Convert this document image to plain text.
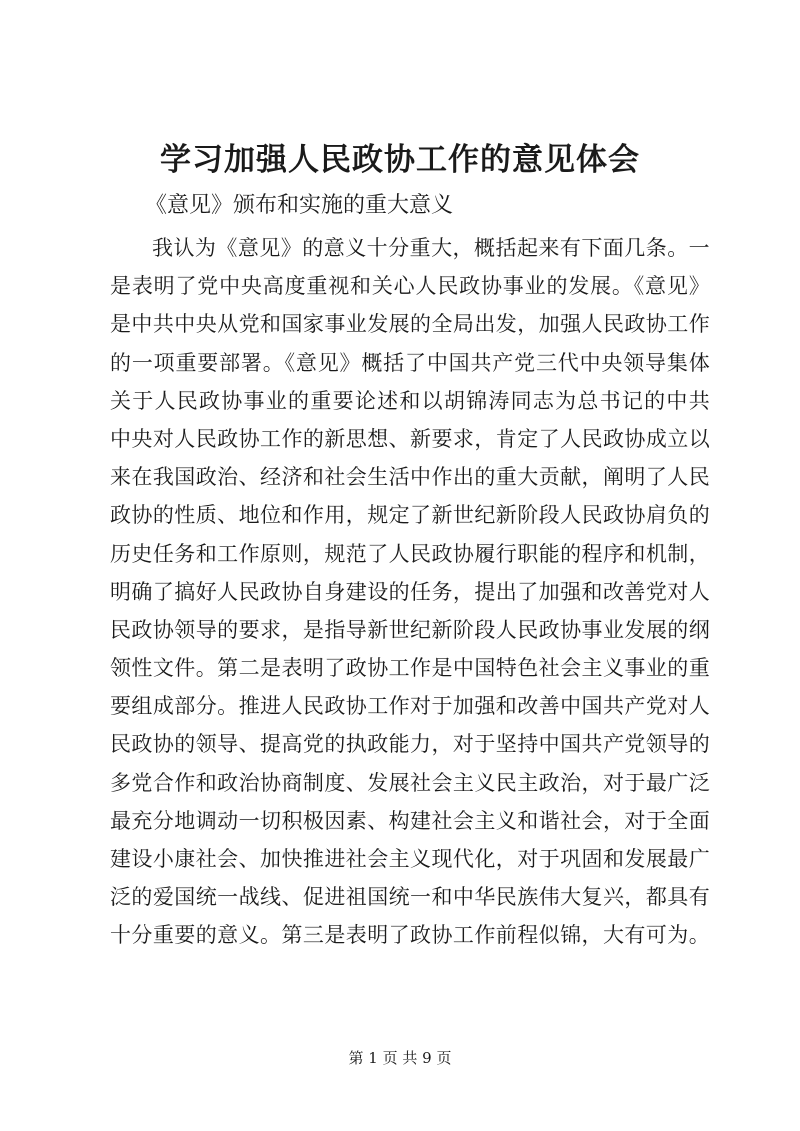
学习加强人民政协工作的意见体会

《意见》颁布和实施的重大意义

我认为《意见》的意义十分重大，概括起来有下面几条。一
是表明了党中央高度重视和关心人民政协事业的发展。《意见》
是中共中央从党和国家事业发展的全局出发，加强人民政协工作
的一项重要部署。《意见》概括了中国共产党三代中央领导集体
关于人民政协事业的重要论述和以胡锦涛同志为总书记的中共
中央对人民政协工作的新思想、新要求，肯定了人民政协成立以
来在我国政治、经济和社会生活中作出的重大贡献，阐明了人民
政协的性质、地位和作用，规定了新世纪新阶段人民政协肩负的
历史任务和工作原则，规范了人民政协履行职能的程序和机制，
明确了搞好人民政协自身建设的任务，提出了加强和改善党对人
民政协领导的要求，是指导新世纪新阶段人民政协事业发展的纲
领性文件。第二是表明了政协工作是中国特色社会主义事业的重
要组成部分。推进人民政协工作对于加强和改善中国共产党对人
民政协的领导、提高党的执政能力，对于坚持中国共产党领导的
多党合作和政治协商制度、发展社会主义民主政治，对于最广泛
最充分地调动一切积极因素、构建社会主义和谐社会，对于全面
建设小康社会、加快推进社会主义现代化，对于巩固和发展最广
泛的爱国统一战线、促进祖国统一和中华民族伟大复兴，都具有
十分重要的意义。第三是表明了政协工作前程似锦，大有可为。

第 1 页 共 9 页
